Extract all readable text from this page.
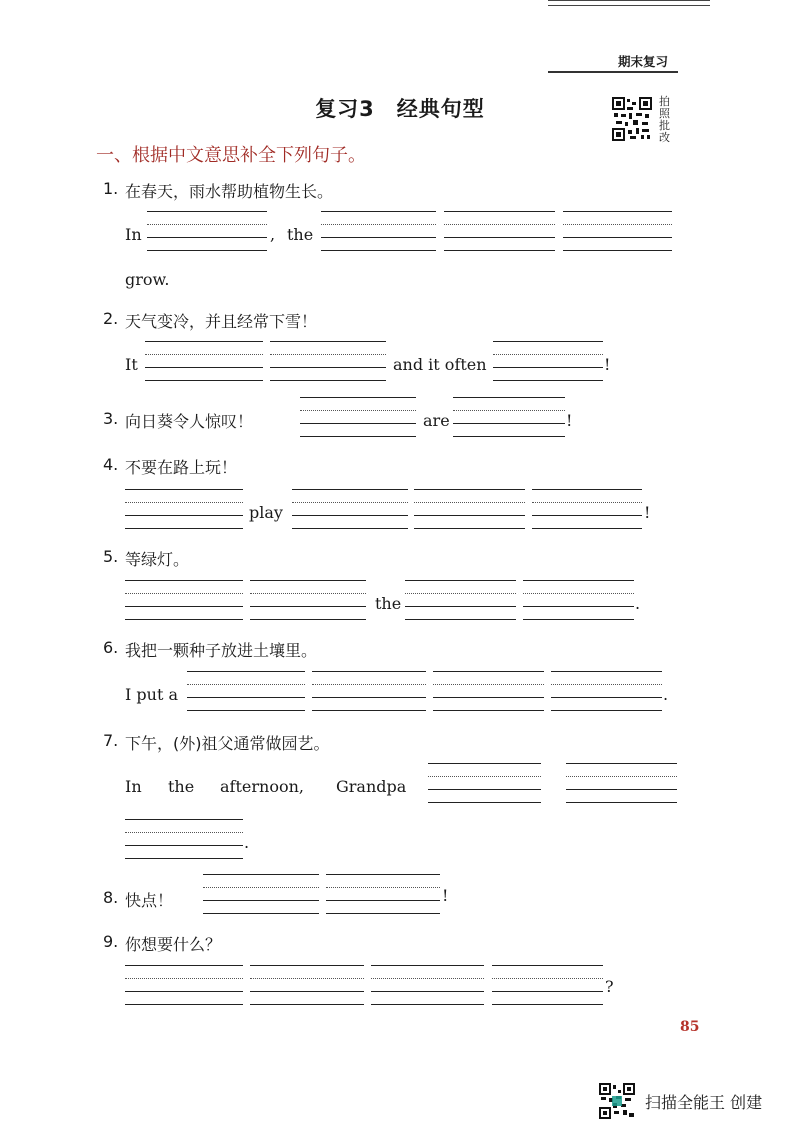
期末复习
复习3　经典句型	拍照批改
一、根据中文意思补全下列句子。
1. 在春天，雨水帮助植物生长。
In	, the
grow.
2. 天气变冷，并且经常下雪！
It	and it often	!
3. 向日葵令人惊叹！	are	!
4. 不要在路上玩！
play	!
5. 等绿灯。
the	.
6. 我把一颗种子放进土壤里。
I put a	.
7. 下午，(外)祖父通常做园艺。
In the afternoon, Grandpa
.
8. 快点！	!
9. 你想要什么？
?
85
扫描全能王 创建
